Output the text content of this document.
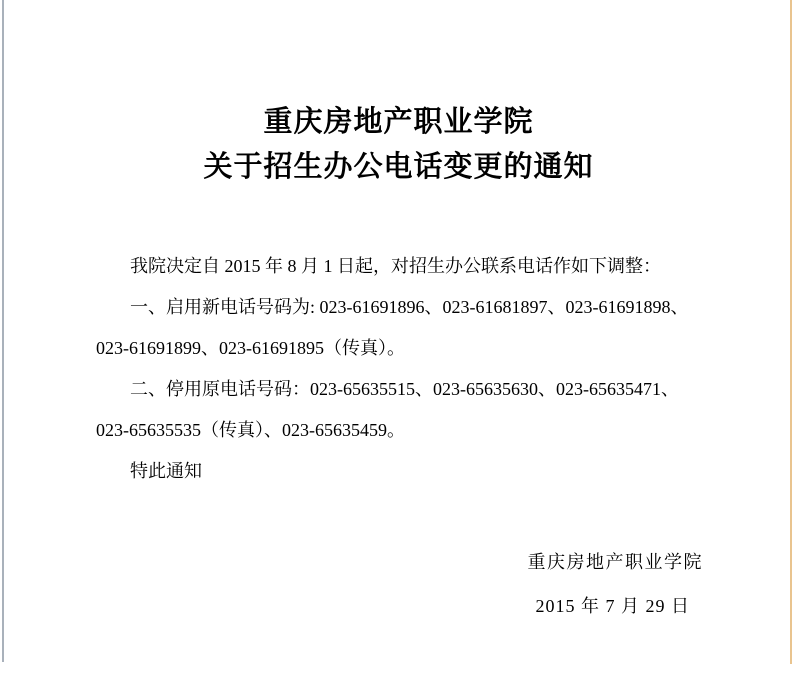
重庆房地产职业学院
关于招生办公电话变更的通知
我院决定自 2015 年 8 月 1 日起，对招生办公联系电话作如下调整：
一、启用新电话号码为: 023-61691896、023-61681897、023-61691898、
023-61691899、023-61691895（传真）。
二、停用原电话号码：023-65635515、023-65635630、023-65635471、
023-65635535（传真）、023-65635459。
特此通知
重庆房地产职业学院
2015 年 7 月 29 日
